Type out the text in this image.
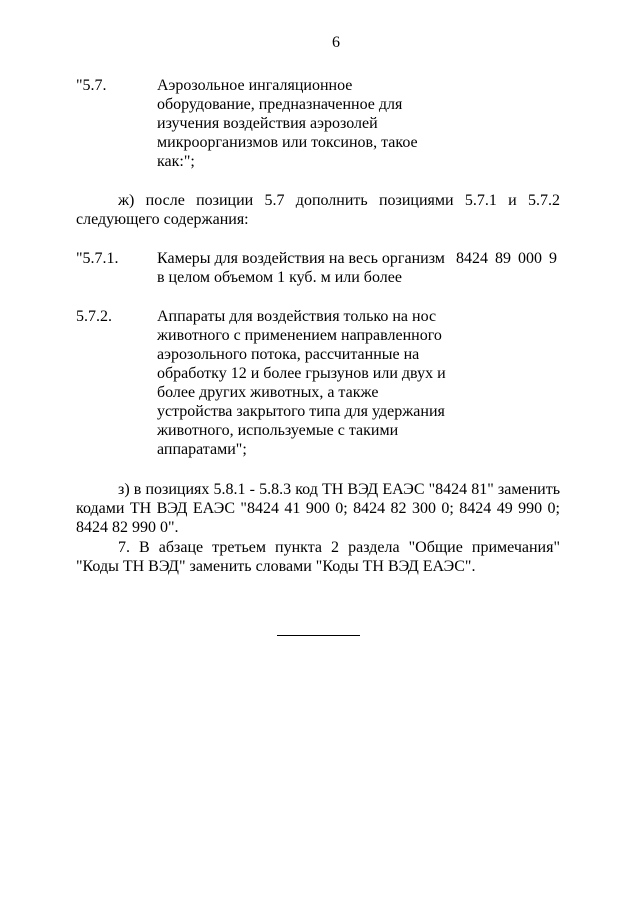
6
"5.7.	Аэрозольное ингаляционное
оборудование, предназначенное для
изучения воздействия аэрозолей
микроорганизмов или токсинов, такое
как:";
ж) после позиции 5.7 дополнить позициями 5.7.1 и 5.7.2
следующего содержания:
"5.7.1. Камеры для воздействия на весь организм 8424 89 000 9
в целом объемом 1 куб. м или более
5.7.2.	Аппараты для воздействия только на нос
животного с применением направленного
аэрозольного потока, рассчитанные на
обработку 12 и более грызунов или двух и
более других животных, а также
устройства закрытого типа для удержания
животного, используемые с такими
аппаратами";
з) в позициях 5.8.1 - 5.8.3 код ТН ВЭД ЕАЭС "8424 81" заменить
кодами ТН ВЭД ЕАЭС "8424 41 900 0; 8424 82 300 0; 8424 49 990 0;
8424 82 990 0".
7. В абзаце третьем пункта 2 раздела "Общие примечания"
"Коды ТН ВЭД" заменить словами "Коды ТН ВЭД ЕАЭС".
